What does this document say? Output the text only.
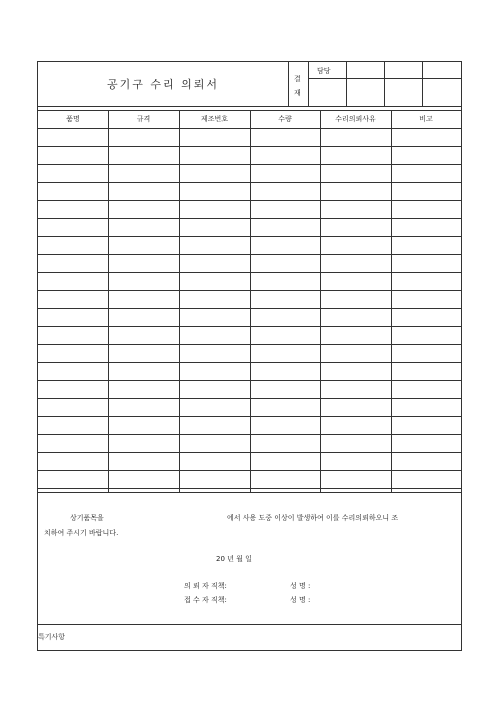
공기구 수리 의뢰서	결
재
담당
품명	규격	제조번호	수량	수리의뢰사유	비고
상기품목을	에서 사용 도중 이상이 발생하여 이를 수리의뢰하오니 조
치하여 주시기 바랍니다.
20 년 월 일
의 뢰 자 직책:	성 명 :
접 수 자 직책:	성 명 :
특기사항
